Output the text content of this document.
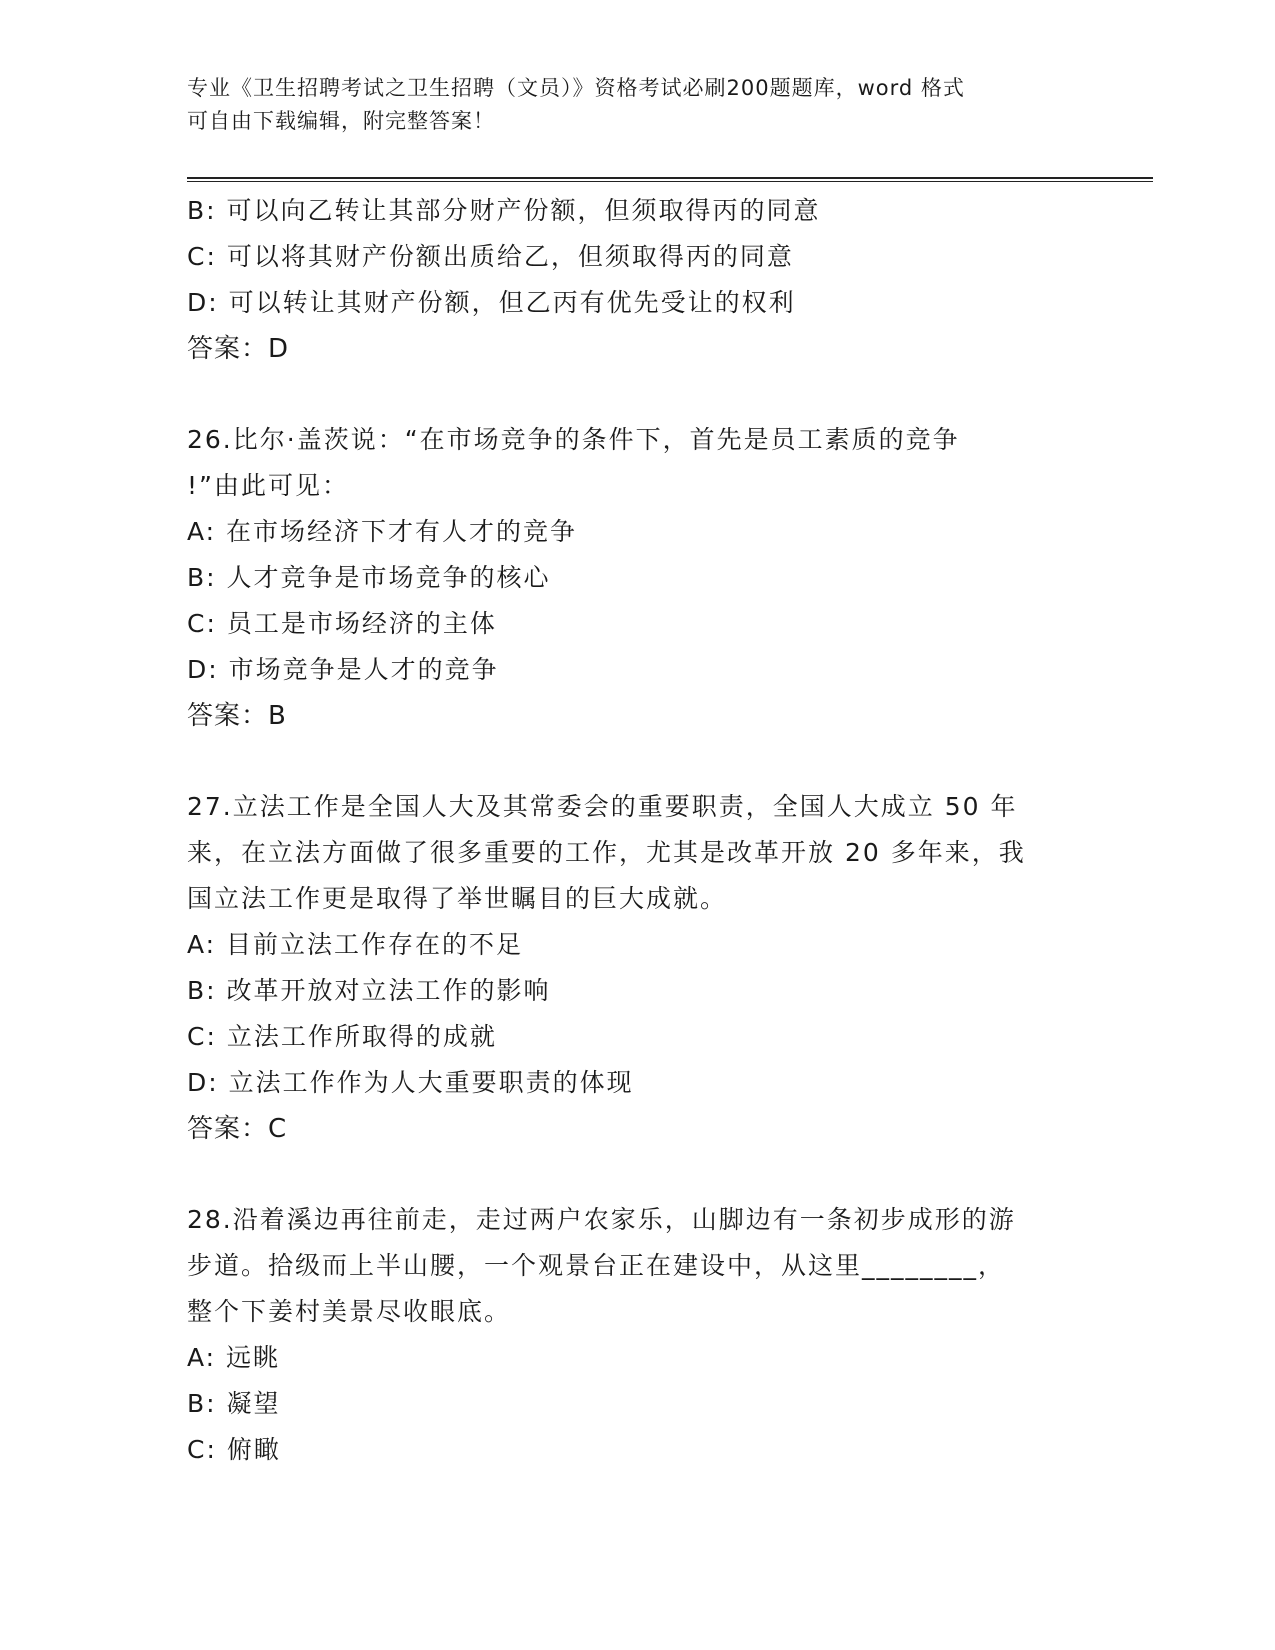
专业《卫生招聘考试之卫生招聘（文员）》资格考试必刷200题题库，word 格式
可自由下载编辑，附完整答案！
B: 可以向乙转让其部分财产份额，但须取得丙的同意
C: 可以将其财产份额出质给乙，但须取得丙的同意
D: 可以转让其财产份额，但乙丙有优先受让的权利
答案：D
26.比尔·盖茨说：“在市场竞争的条件下，首先是员工素质的竞争
!”由此可见：
A: 在市场经济下才有人才的竞争
B: 人才竞争是市场竞争的核心
C: 员工是市场经济的主体
D: 市场竞争是人才的竞争
答案：B
27.立法工作是全国人大及其常委会的重要职责，全国人大成立 50 年
来，在立法方面做了很多重要的工作，尤其是改革开放 20 多年来，我
国立法工作更是取得了举世瞩目的巨大成就。
A: 目前立法工作存在的不足
B: 改革开放对立法工作的影响
C: 立法工作所取得的成就
D: 立法工作作为人大重要职责的体现
答案：C
28.沿着溪边再往前走，走过两户农家乐，山脚边有一条初步成形的游
步道。拾级而上半山腰，一个观景台正在建设中，从这里________，
整个下姜村美景尽收眼底。
A: 远眺
B: 凝望
C: 俯瞰
